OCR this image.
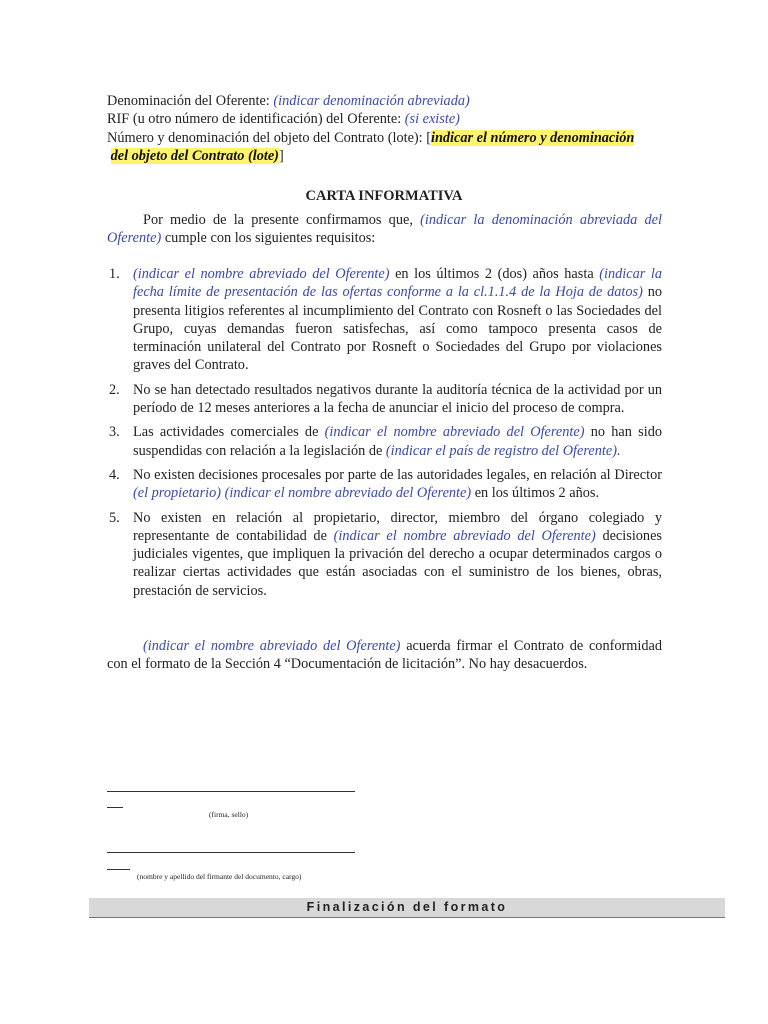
Denominación del Oferente: (indicar denominación abreviada)

RIF (u otro número de identificación) del Oferente: (si existe)

Número y denominación del objeto del Contrato (lote): [indicar el número y denominación

del objeto del Contrato (lote)]

CARTA INFORMATIVA

Por medio de la presente confirmamos que, (indicar la denominación abreviada del Oferente) cumple con los siguientes requisitos:

1. (indicar el nombre abreviado del Oferente) en los últimos 2 (dos) años hasta (indicar la fecha límite de presentación de las ofertas conforme a la cl.1.1.4 de la Hoja de datos) no presenta litigios referentes al incumplimiento del Contrato con Rosneft o las Sociedades del Grupo, cuyas demandas fueron satisfechas, así como tampoco presenta casos de terminación unilateral del Contrato por Rosneft o Sociedades del Grupo por violaciones graves del Contrato.
2. No se han detectado resultados negativos durante la auditoría técnica de la actividad por un período de 12 meses anteriores a la fecha de anunciar el inicio del proceso de compra.
3. Las actividades comerciales de (indicar el nombre abreviado del Oferente) no han sido suspendidas con relación a la legislación de (indicar el país de registro del Oferente).
4. No existen decisiones procesales por parte de las autoridades legales, en relación al Director (el propietario) (indicar el nombre abreviado del Oferente) en los últimos 2 años.
5. No existen en relación al propietario, director, miembro del órgano colegiado y representante de contabilidad de (indicar el nombre abreviado del Oferente) decisiones judiciales vigentes, que impliquen la privación del derecho a ocupar determinados cargos o realizar ciertas actividades que están asociadas con el suministro de los bienes, obras, prestación de servicios.

(indicar el nombre abreviado del Oferente) acuerda firmar el Contrato de conformidad con el formato de la Sección 4 “Documentación de licitación”. No hay desacuerdos.

(firma, sello)
(nombre y apellido del firmante del documento, cargo)
Finalización del formato
